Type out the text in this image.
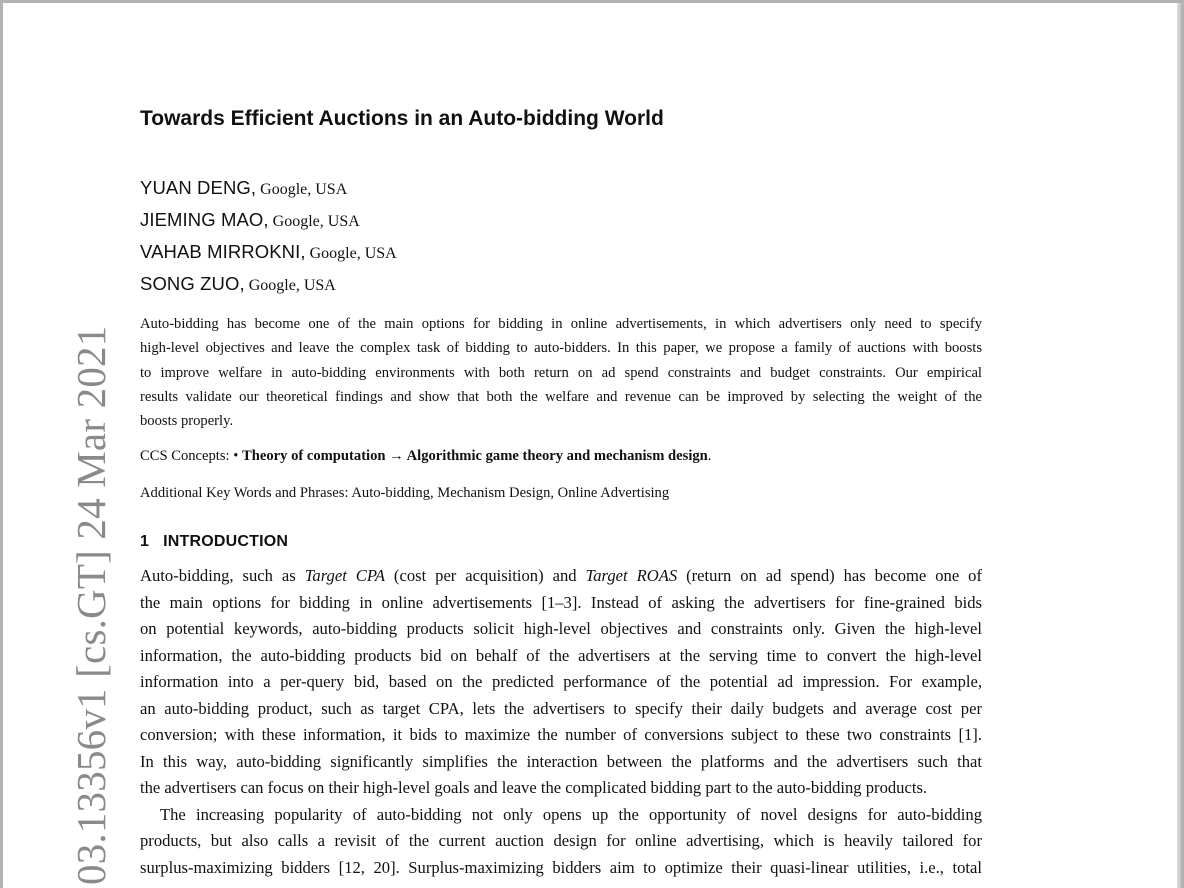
03.13356v1 [cs.GT] 24 Mar 2021
Towards Efficient Auctions in an Auto-bidding World
YUAN DENG, Google, USA
JIEMING MAO, Google, USA
VAHAB MIRROKNI, Google, USA
SONG ZUO, Google, USA
Auto-bidding has become one of the main options for bidding in online advertisements, in which advertisers only need to specify
high-level objectives and leave the complex task of bidding to auto-bidders. In this paper, we propose a family of auctions with boosts
to improve welfare in auto-bidding environments with both return on ad spend constraints and budget constraints. Our empirical
results validate our theoretical findings and show that both the welfare and revenue can be improved by selecting the weight of the
boosts properly.
CCS Concepts: • Theory of computation → Algorithmic game theory and mechanism design.
Additional Key Words and Phrases: Auto-bidding, Mechanism Design, Online Advertising
1 INTRODUCTION
Auto-bidding, such as Target CPA (cost per acquisition) and Target ROAS (return on ad spend) has become one of
the main options for bidding in online advertisements [1–3]. Instead of asking the advertisers for fine-grained bids
on potential keywords, auto-bidding products solicit high-level objectives and constraints only. Given the high-level
information, the auto-bidding products bid on behalf of the advertisers at the serving time to convert the high-level
information into a per-query bid, based on the predicted performance of the potential ad impression. For example,
an auto-bidding product, such as target CPA, lets the advertisers to specify their daily budgets and average cost per
conversion; with these information, it bids to maximize the number of conversions subject to these two constraints [1].
In this way, auto-bidding significantly simplifies the interaction between the platforms and the advertisers such that
the advertisers can focus on their high-level goals and leave the complicated bidding part to the auto-bidding products.
The increasing popularity of auto-bidding not only opens up the opportunity of novel designs for auto-bidding
products, but also calls a revisit of the current auction design for online advertising, which is heavily tailored for
surplus-maximizing bidders [12, 20]. Surplus-maximizing bidders aim to optimize their quasi-linear utilities, i.e., total
